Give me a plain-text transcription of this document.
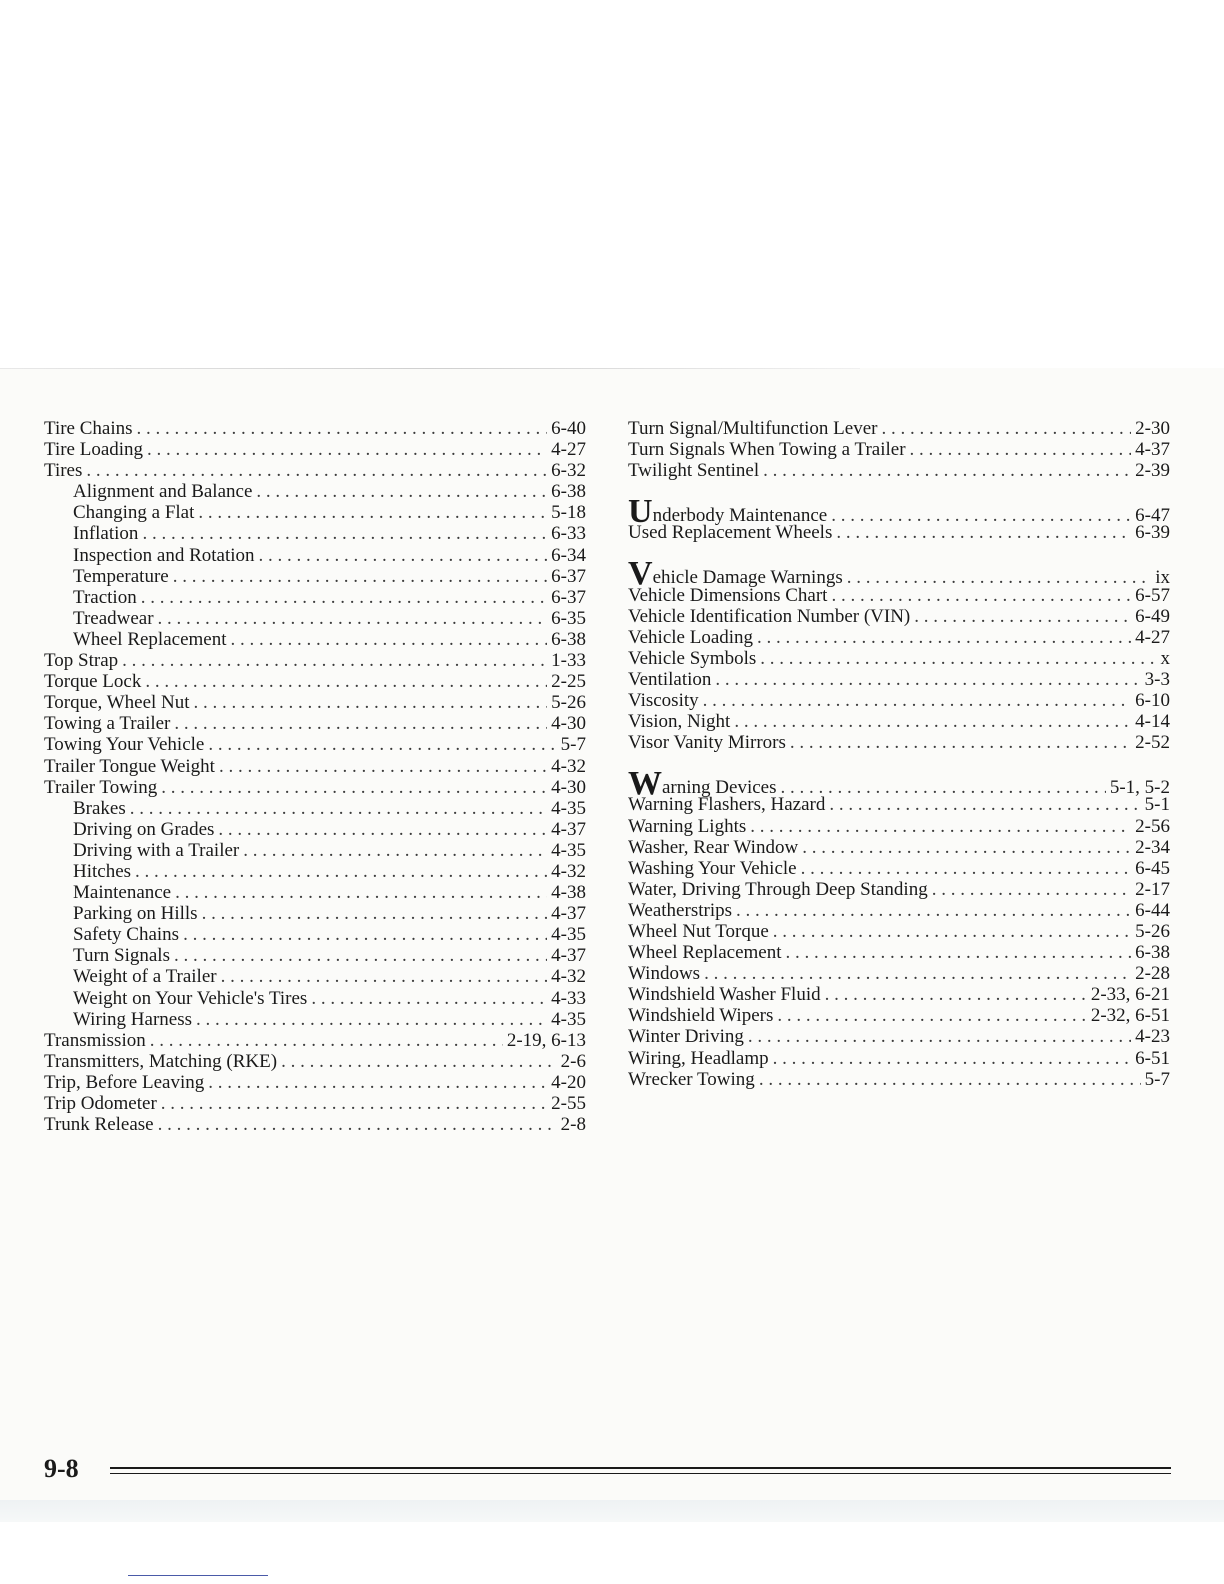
Tire Chains . . .	6-40
Tire Loading . . .	4-27
Tires . . .	6-32
Alignment and Balance . . .	6-38
Changing a Flat . . .	5-18
Inflation . . .	6-33
Inspection and Rotation . . .	6-34
Temperature . . .	6-37
Traction . . .	6-37
Treadwear . . .	6-35
Wheel Replacement . . .	6-38
Top Strap . . .	1-33
Torque Lock . . .	2-25
Torque, Wheel Nut . . .	5-26
Towing a Trailer . . .	4-30
Towing Your Vehicle . . .	5-7
Trailer Tongue Weight . . .	4-32
Trailer Towing . . .	4-30
Brakes . . .	4-35
Driving on Grades . . .	4-37
Driving with a Trailer . . .	4-35
Hitches . . .	4-32
Maintenance . . .	4-38
Parking on Hills . . .	4-37
Safety Chains . . .	4-35
Turn Signals . . .	4-37
Weight of a Trailer . . .	4-32
Weight on Your Vehicle's Tires . . .	4-33
Wiring Harness . . .	4-35
Transmission . . .	2-19, 6-13
Transmitters, Matching (RKE) . . .	2-6
Trip, Before Leaving . . .	4-20
Trip Odometer . . .	2-55
Trunk Release . . .	2-8
Turn Signal/Multifunction Lever . . .	2-30
Turn Signals When Towing a Trailer . . .	4-37
Twilight Sentinel . . .	2-39
Underbody Maintenance . . .	6-47
Used Replacement Wheels . . .	6-39
Vehicle Damage Warnings . . .	ix
Vehicle Dimensions Chart . . .	6-57
Vehicle Identification Number (VIN) . . .	6-49
Vehicle Loading . . .	4-27
Vehicle Symbols . . .	x
Ventilation . . .	3-3
Viscosity . . .	6-10
Vision, Night . . .	4-14
Visor Vanity Mirrors . . .	2-52
Warning Devices . . .	5-1, 5-2
Warning Flashers, Hazard . . .	5-1
Warning Lights . . .	2-56
Washer, Rear Window . . .	2-34
Washing Your Vehicle . . .	6-45
Water, Driving Through Deep Standing . . .	2-17
Weatherstrips . . .	6-44
Wheel Nut Torque . . .	5-26
Wheel Replacement . . .	6-38
Windows . . .	2-28
Windshield Washer Fluid . . .	2-33, 6-21
Windshield Wipers . . .	2-32, 6-51
Winter Driving . . .	4-23
Wiring, Headlamp . . .	6-51
Wrecker Towing . . .	5-7
9-8
